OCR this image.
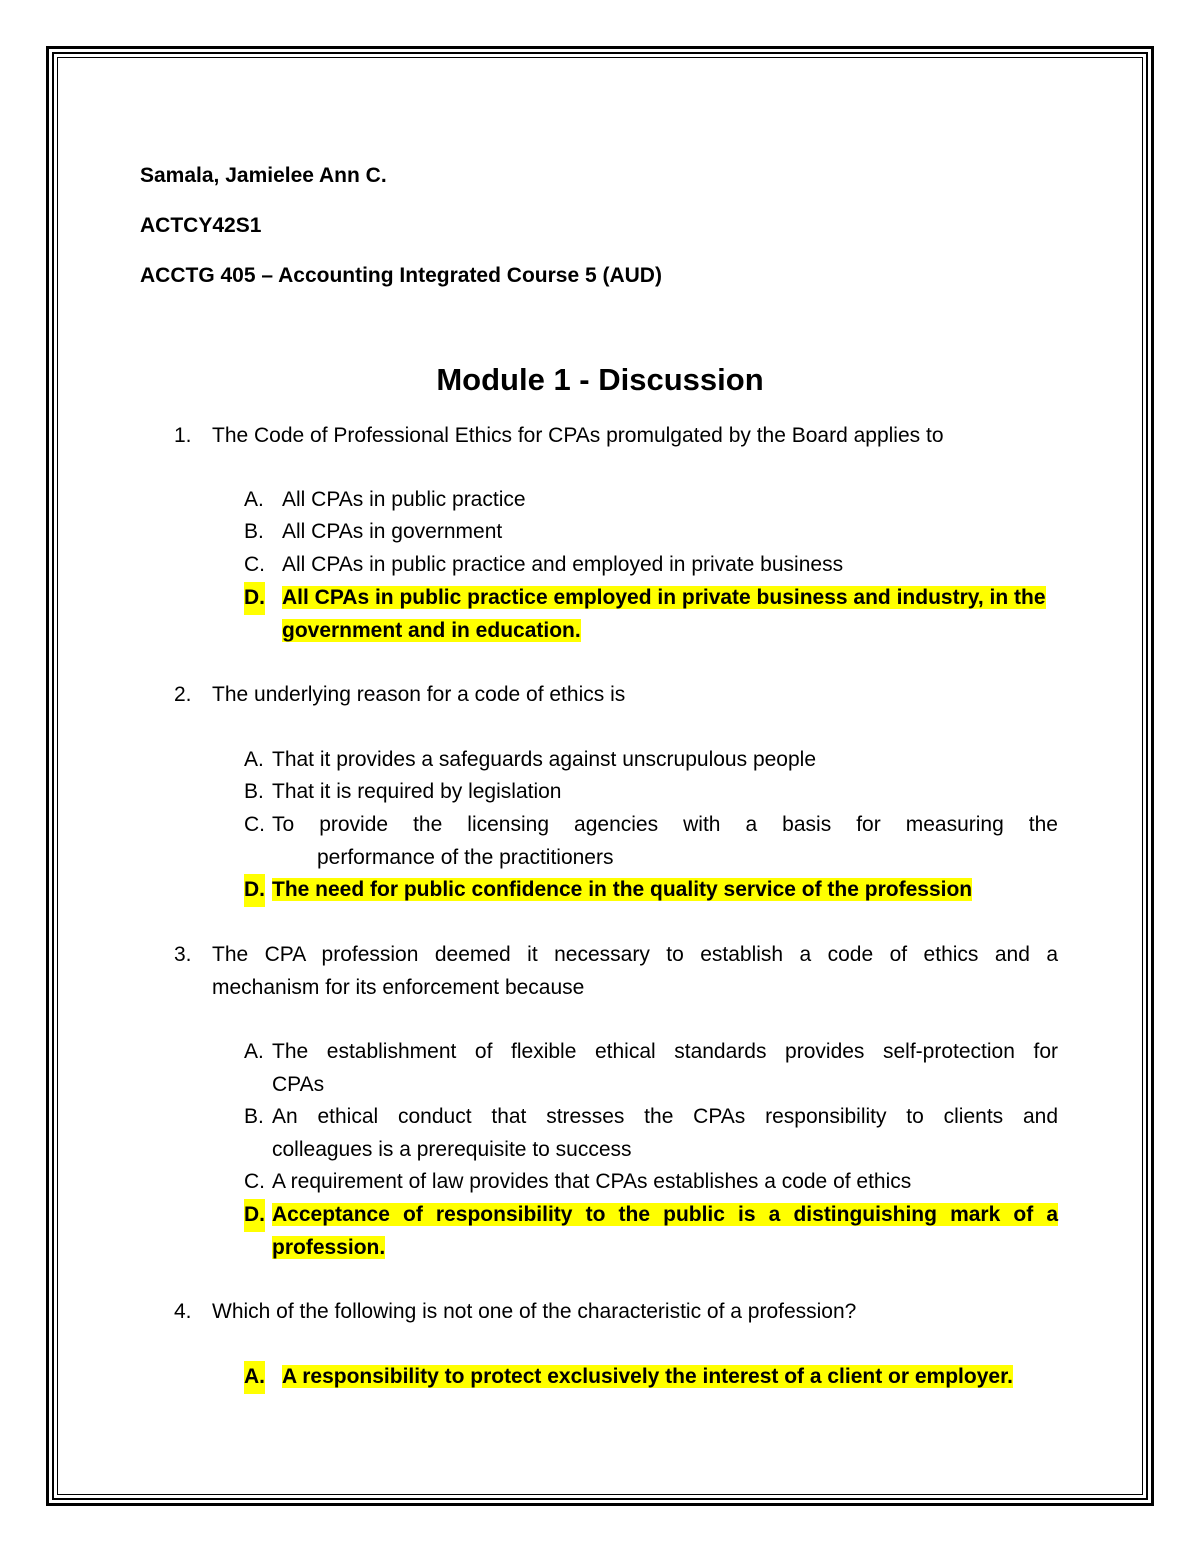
Samala, Jamielee Ann C.
ACTCY42S1
ACCTG 405 – Accounting Integrated Course 5 (AUD)
Module 1 - Discussion
1. The Code of Professional Ethics for CPAs promulgated by the Board applies to
A. All CPAs in public practice
B. All CPAs in government
C. All CPAs in public practice and employed in private business
D. All CPAs in public practice employed in private business and industry, in the
government and in education.
2. The underlying reason for a code of ethics is
A. That it provides a safeguards against unscrupulous people
B. That it is required by legislation
C. To provide the licensing agencies with a basis for measuring the
performance of the practitioners
D. The need for public confidence in the quality service of the profession
3. The CPA profession deemed it necessary to establish a code of ethics and a
mechanism for its enforcement because
A. The establishment of flexible ethical standards provides self-protection for
CPAs
B. An ethical conduct that stresses the CPAs responsibility to clients and
colleagues is a prerequisite to success
C. A requirement of law provides that CPAs establishes a code of ethics
D. Acceptance of responsibility to the public is a distinguishing mark of a
profession.
4. Which of the following is not one of the characteristic of a profession?
A. A responsibility to protect exclusively the interest of a client or employer.
